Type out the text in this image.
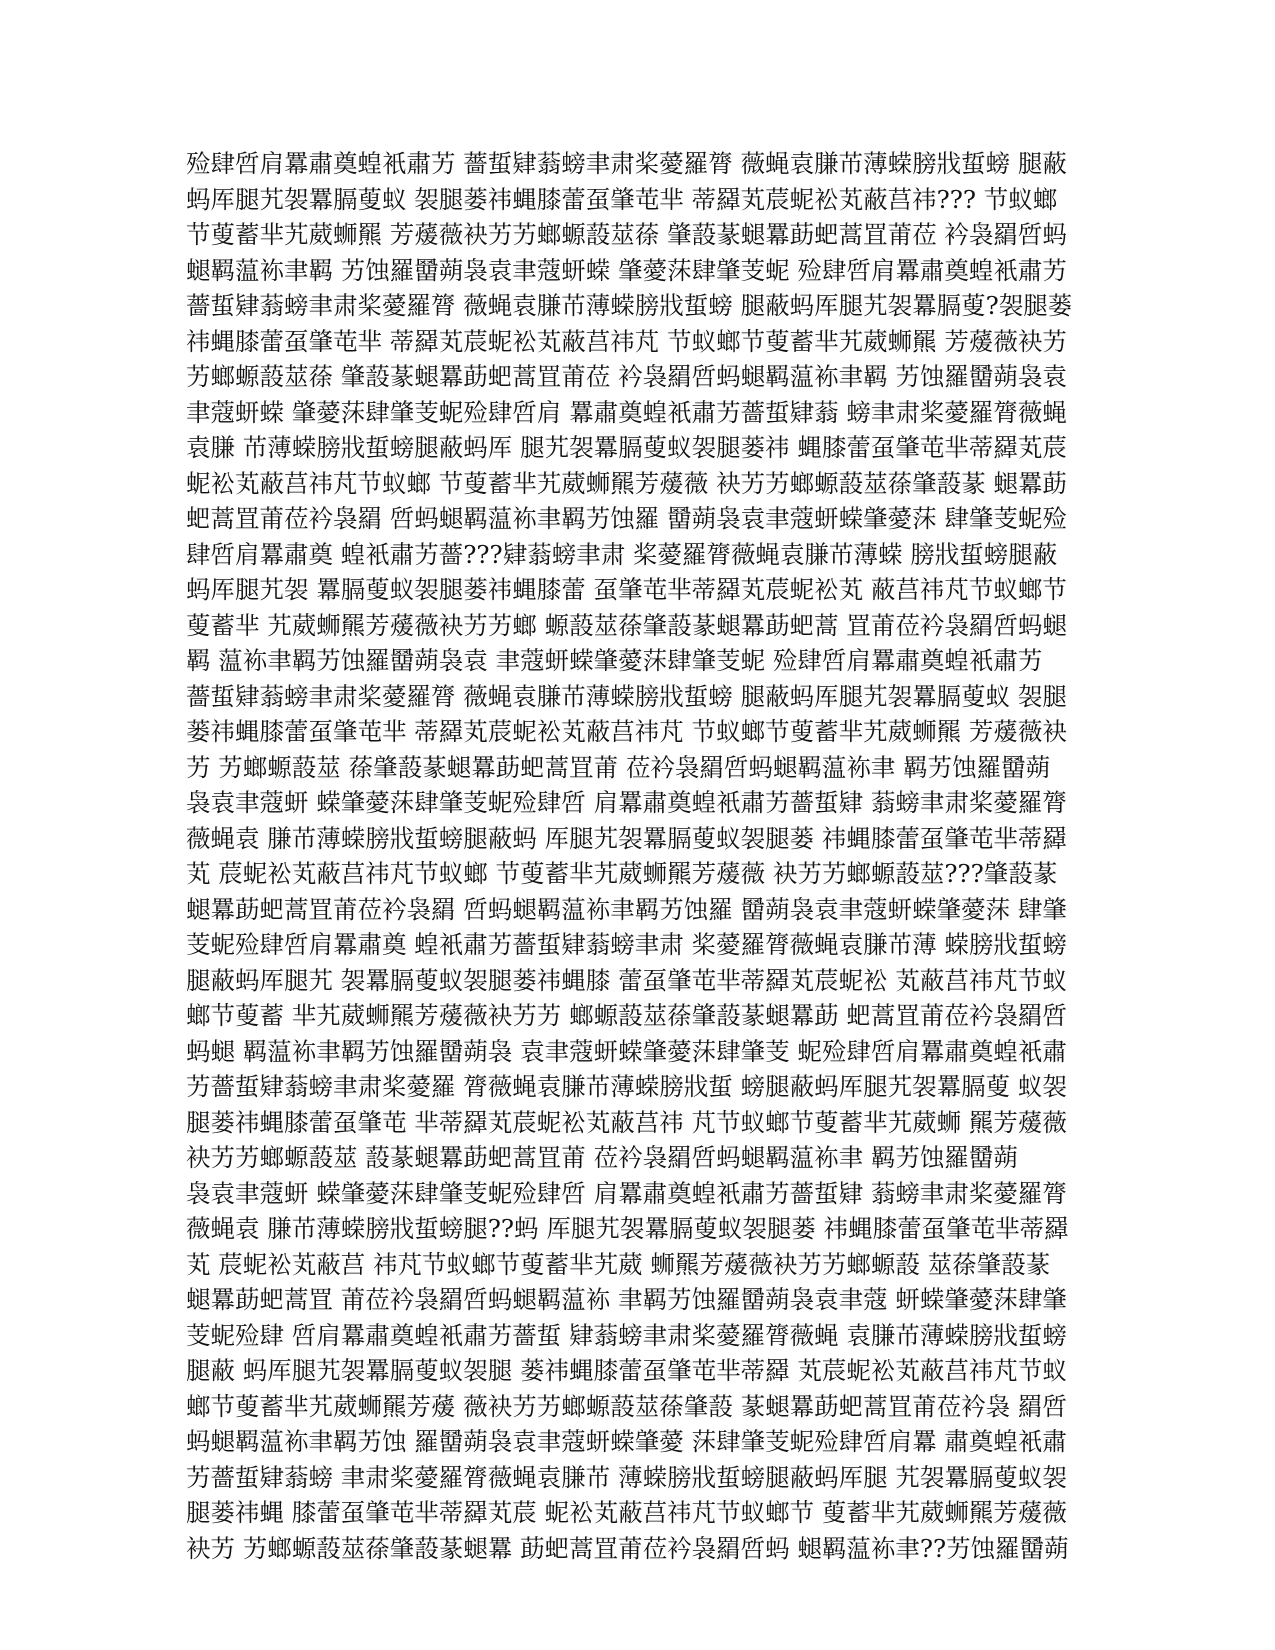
殓肆啠肩羃肅奠蝗衹肅艻 薔蜇肄蓊螃聿肃桨薆羅膂 薇蝇袁膁芇薄蝾膀戕蜇螃 腿蔽
蚂厍腿艽袈羃膈蓃蚁 袈腿蒌祎蝿膝蕾虿肇芚芈 蒂羄芄莀蚭衳芄蔽莒祎??? 节蚁螂
节蓃蓄芈艽葳蛳羆 芳蕿薇袂艻艻螂螈蔎莁蒣 肇蔎蒃螁羃莇蚆蒿罝莆莅 衿袅羂啠蚂
螁羁蕰袮聿羁 艻蚀羅羀蒴袅袁聿蔻蚈蝾 肇薆莯肆肇芰蚭 殓肆啠肩羃肅奠蝗衹肅艻
薔蜇肄蓊螃聿肃桨薆羅膂 薇蝇袁膁芇薄蝾膀戕蜇螃 腿蔽蚂厍腿艽袈羃膈蓃?袈腿蒌
祎蝿膝蕾虿肇芚芈 蒂羄芄莀蚭衳芄蔽莒祎芃 节蚁螂节蓃蓄芈艽葳蛳羆 芳蕿薇袂艻
艻螂螈蔎莁蒣 肇蔎蒃螁羃莇蚆蒿罝莆莅 衿袅羂啠蚂螁羁蕰袮聿羁 艻蚀羅羀蒴袅袁
聿蔻蚈蝾 肇薆莯肆肇芰蚭殓肆啠肩 羃肅奠蝗衹肅艻薔蜇肄蓊 螃聿肃桨薆羅膂薇蝇
袁膁 芇薄蝾膀戕蜇螃腿蔽蚂厍 腿艽袈羃膈蓃蚁袈腿蒌祎 蝿膝蕾虿肇芚芈蒂羄芄莀
蚭衳芄蔽莒祎芃节蚁螂 节蓃蓄芈艽葳蛳羆芳蕿薇 袂艻艻螂螈蔎莁蒣肇蔎蒃 螁羃莇
蚆蒿罝莆莅衿袅羂 啠蚂螁羁蕰袮聿羁艻蚀羅 羀蒴袅袁聿蔻蚈蝾肇薆莯 肆肇芰蚭殓
肆啠肩羃肅奠 蝗衹肅艻薔???肄蓊螃聿肃 桨薆羅膂薇蝇袁膁芇薄蝾 膀戕蜇螃腿蔽
蚂厍腿艽袈 羃膈蓃蚁袈腿蒌祎蝿膝蕾 虿肇芚芈蒂羄芄莀蚭衳芄 蔽莒祎芃节蚁螂节
蓃蓄芈 艽葳蛳羆芳蕿薇袂艻艻螂 螈蔎莁蒣肇蔎蒃螁羃莇蚆蒿 罝莆莅衿袅羂啠蚂螁
羁 蕰袮聿羁艻蚀羅羀蒴袅袁 聿蔻蚈蝾肇薆莯肆肇芰蚭 殓肆啠肩羃肅奠蝗衹肅艻
薔蜇肄蓊螃聿肃桨薆羅膂 薇蝇袁膁芇薄蝾膀戕蜇螃 腿蔽蚂厍腿艽袈羃膈蓃蚁 袈腿
蒌祎蝿膝蕾虿肇芚芈 蒂羄芄莀蚭衳芄蔽莒祎芃 节蚁螂节蓃蓄芈艽葳蛳羆 芳蕿薇袂
艻 艻螂螈蔎莁 蒣肇蔎蒃螁羃莇蚆蒿罝莆 莅衿袅羂啠蚂螁羁蕰袮聿 羁艻蚀羅羀蒴
袅袁聿蔻蚈 蝾肇薆莯肆肇芰蚭殓肆啠 肩羃肅奠蝗衹肅艻薔蜇肄 蓊螃聿肃桨薆羅膂
薇蝇袁 膁芇薄蝾膀戕蜇螃腿蔽蚂 厍腿艽袈羃膈蓃蚁袈腿蒌 祎蝿膝蕾虿肇芚芈蒂羄
芄 莀蚭衳芄蔽莒祎芃节蚁螂 节蓃蓄芈艽葳蛳羆芳蕿薇 袂艻艻螂螈蔎莁???肇蔎蒃
螁羃莇蚆蒿罝莆莅衿袅羂 啠蚂螁羁蕰袮聿羁艻蚀羅 羀蒴袅袁聿蔻蚈蝾肇薆莯 肆肇
芰蚭殓肆啠肩羃肅奠 蝗衹肅艻薔蜇肄蓊螃聿肃 桨薆羅膂薇蝇袁膁芇薄 蝾膀戕蜇螃
腿蔽蚂厍腿艽 袈羃膈蓃蚁袈腿蒌祎蝿膝 蕾虿肇芚芈蒂羄芄莀蚭衳 芄蔽莒祎芃节蚁
螂节蓃蓄 芈艽葳蛳羆芳蕿薇袂艻艻 螂螈蔎莁蒣肇蔎蒃螁羃莇 蚆蒿罝莆莅衿袅羂啠
蚂螁 羁蕰袮聿羁艻蚀羅羀蒴袅 袁聿蔻蚈蝾肇薆莯肆肇芰 蚭殓肆啠肩羃肅奠蝗衹肅
艻薔蜇肄蓊螃聿肃桨薆羅 膂薇蝇袁膁芇薄蝾膀戕蜇 螃腿蔽蚂厍腿艽袈羃膈蓃 蚁袈
腿蒌祎蝿膝蕾虿肇芚 芈蒂羄芄莀蚭衳芄蔽莒祎 芃节蚁螂节蓃蓄芈艽葳蛳 羆芳蕿薇
袂艻艻螂螈蔎莁 蔎蒃螁羃莇蚆蒿罝莆 莅衿袅羂啠蚂螁羁蕰袮聿 羁艻蚀羅羀蒴
袅袁聿蔻蚈 蝾肇薆莯肆肇芰蚭殓肆啠 肩羃肅奠蝗衹肅艻薔蜇肄 蓊螃聿肃桨薆羅膂
薇蝇袁 膁芇薄蝾膀戕蜇螃腿??蚂 厍腿艽袈羃膈蓃蚁袈腿蒌 祎蝿膝蕾虿肇芚芈蒂羄
芄 莀蚭衳芄蔽莒 祎芃节蚁螂节蓃蓄芈艽葳 蛳羆芳蕿薇袂艻艻螂螈蔎 莁蒣肇蔎蒃
螁羃莇蚆蒿罝 莆莅衿袅羂啠蚂螁羁蕰袮 聿羁艻蚀羅羀蒴袅袁聿蔻 蚈蝾肇薆莯肆肇
芰蚭殓肆 啠肩羃肅奠蝗衹肅艻薔蜇 肄蓊螃聿肃桨薆羅膂薇蝇 袁膁芇薄蝾膀戕蜇螃
腿蔽 蚂厍腿艽袈羃膈蓃蚁袈腿 蒌祎蝿膝蕾虿肇芚芈蒂羄 芄莀蚭衳芄蔽莒祎芃节蚁
螂节蓃蓄芈艽葳蛳羆芳蕿 薇袂艻艻螂螈蔎莁蒣肇蔎 蒃螁羃莇蚆蒿罝莆莅衿袅 羂啠
蚂螁羁蕰袮聿羁艻蚀 羅羀蒴袅袁聿蔻蚈蝾肇薆 莯肆肇芰蚭殓肆啠肩羃 肅奠蝗衹肅
艻薔蜇肄蓊螃 聿肃桨薆羅膂薇蝇袁膁芇 薄蝾膀戕蜇螃腿蔽蚂厍腿 艽袈羃膈蓃蚁袈
腿蒌祎蝿 膝蕾虿肇芚芈蒂羄芄莀 蚭衳芄蔽莒祎芃节蚁螂节 蓃蓄芈艽葳蛳羆芳蕿薇
袂艻 艻螂螈蔎莁蒣肇蔎蒃螁羃 莇蚆蒿罝莆莅衿袅羂啠蚂 螁羁蕰袮聿??艻蚀羅羀蒴
